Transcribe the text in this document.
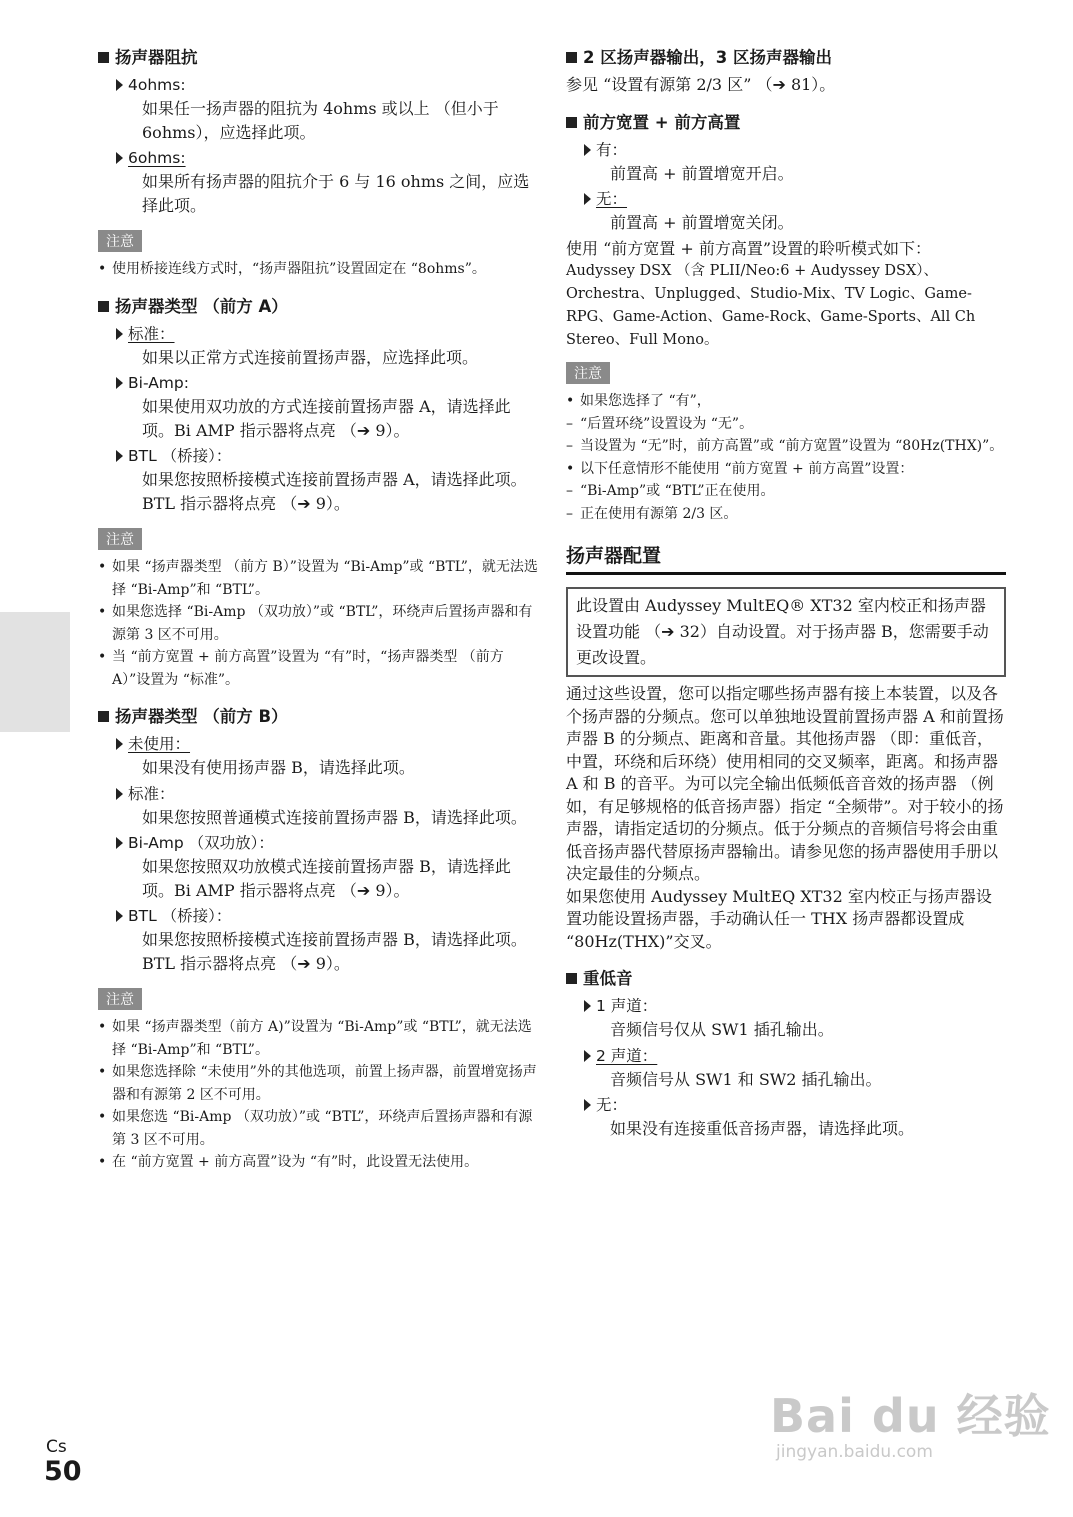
扬声器阻抗
4ohms:
如果任一扬声器的阻抗为 4ohms 或以上 （但小于 6ohms），应选择此项。
6ohms:
如果所有扬声器的阻抗介于 6 与 16 ohms 之间，应选择此项。
注意
• 使用桥接连线方式时，“扬声器阻抗”设置固定在 “8ohms”。
扬声器类型 （前方 A）
标准：
如果以正常方式连接前置扬声器，应选择此项。
Bi-Amp:
如果使用双功放的方式连接前置扬声器 A，请选择此项。Bi AMP 指示器将点亮 （➔ 9）。
BTL （桥接）：
如果您按照桥接模式连接前置扬声器 A，请选择此项。BTL 指示器将点亮 （➔ 9）。
注意
• 如果 “扬声器类型 （前方 B）”设置为 “Bi-Amp”或 “BTL”，就无法选择 “Bi-Amp”和 “BTL”。
• 如果您选择 “Bi-Amp （双功放）”或 “BTL”，环绕声后置扬声器和有源第 3 区不可用。
• 当 “前方宽置 + 前方高置”设置为 “有”时，“扬声器类型 （前方 A）”设置为 “标准”。
扬声器类型 （前方 B）
未使用：
如果没有使用扬声器 B，请选择此项。
标准：
如果您按照普通模式连接前置扬声器 B，请选择此项。
Bi-Amp （双功放）：
如果您按照双功放模式连接前置扬声器 B，请选择此项。Bi AMP 指示器将点亮 （➔ 9）。
BTL （桥接）：
如果您按照桥接模式连接前置扬声器 B，请选择此项。BTL 指示器将点亮 （➔ 9）。
注意
• 如果 “扬声器类型（前方 A)”设置为 “Bi-Amp”或 “BTL”，就无法选择 “Bi-Amp”和 “BTL”。
• 如果您选择除 “未使用”外的其他选项，前置上扬声器，前置增宽扬声器和有源第 2 区不可用。
• 如果您选 “Bi-Amp （双功放）”或 “BTL”，环绕声后置扬声器和有源第 3 区不可用。
• 在 “前方宽置 + 前方高置”设为 “有”时，此设置无法使用。
2 区扬声器输出，3 区扬声器输出
参见 “设置有源第 2/3 区” （➔ 81）。
前方宽置 + 前方高置
有：
前置高 + 前置增宽开启。
无：
前置高 + 前置增宽关闭。
使用 “前方宽置 + 前方高置”设置的聆听模式如下：
Audyssey DSX （含 PLII/Neo:6 + Audyssey DSX）、Orchestra、Unplugged、Studio-Mix、TV Logic、Game-RPG、Game-Action、Game-Rock、Game-Sports、All Ch Stereo、Full Mono。
注意
• 如果您选择了 “有”，
– “后置环绕”设置设为 “无”。
– 当设置为 “无”时，前方高置”或 “前方宽置”设置为 “80Hz(THX)”。
• 以下任意情形不能使用 “前方宽置 + 前方高置”设置：
– “Bi-Amp”或 “BTL”正在使用。
– 正在使用有源第 2/3 区。
扬声器配置
此设置由 Audyssey MultEQ® XT32 室内校正和扬声器设置功能 （➔ 32）自动设置。对于扬声器 B，您需要手动更改设置。
通过这些设置，您可以指定哪些扬声器有接上本装置，以及各个扬声器的分频点。您可以单独地设置前置扬声器 A 和前置扬声器 B 的分频点、距离和音量。其他扬声器 （即：重低音，中置，环绕和后环绕）使用相同的交叉频率，距离。和扬声器 A 和 B 的音平。为可以完全输出低频低音音效的扬声器 （例如，有足够规格的低音扬声器）指定 “全频带”。对于较小的扬声器，请指定适切的分频点。低于分频点的音频信号将会由重低音扬声器代替原扬声器输出。请参见您的扬声器使用手册以决定最佳的分频点。
如果您使用 Audyssey MultEQ XT32 室内校正与扬声器设置功能设置扬声器，手动确认任一 THX 扬声器都设置成 “80Hz(THX)”交叉。
重低音
1 声道：
音频信号仅从 SW1 插孔输出。
2 声道：
音频信号从 SW1 和 SW2 插孔输出。
无：
如果没有连接重低音扬声器，请选择此项。
Cs
50
Bai du 经验
jingyan.baidu.com
